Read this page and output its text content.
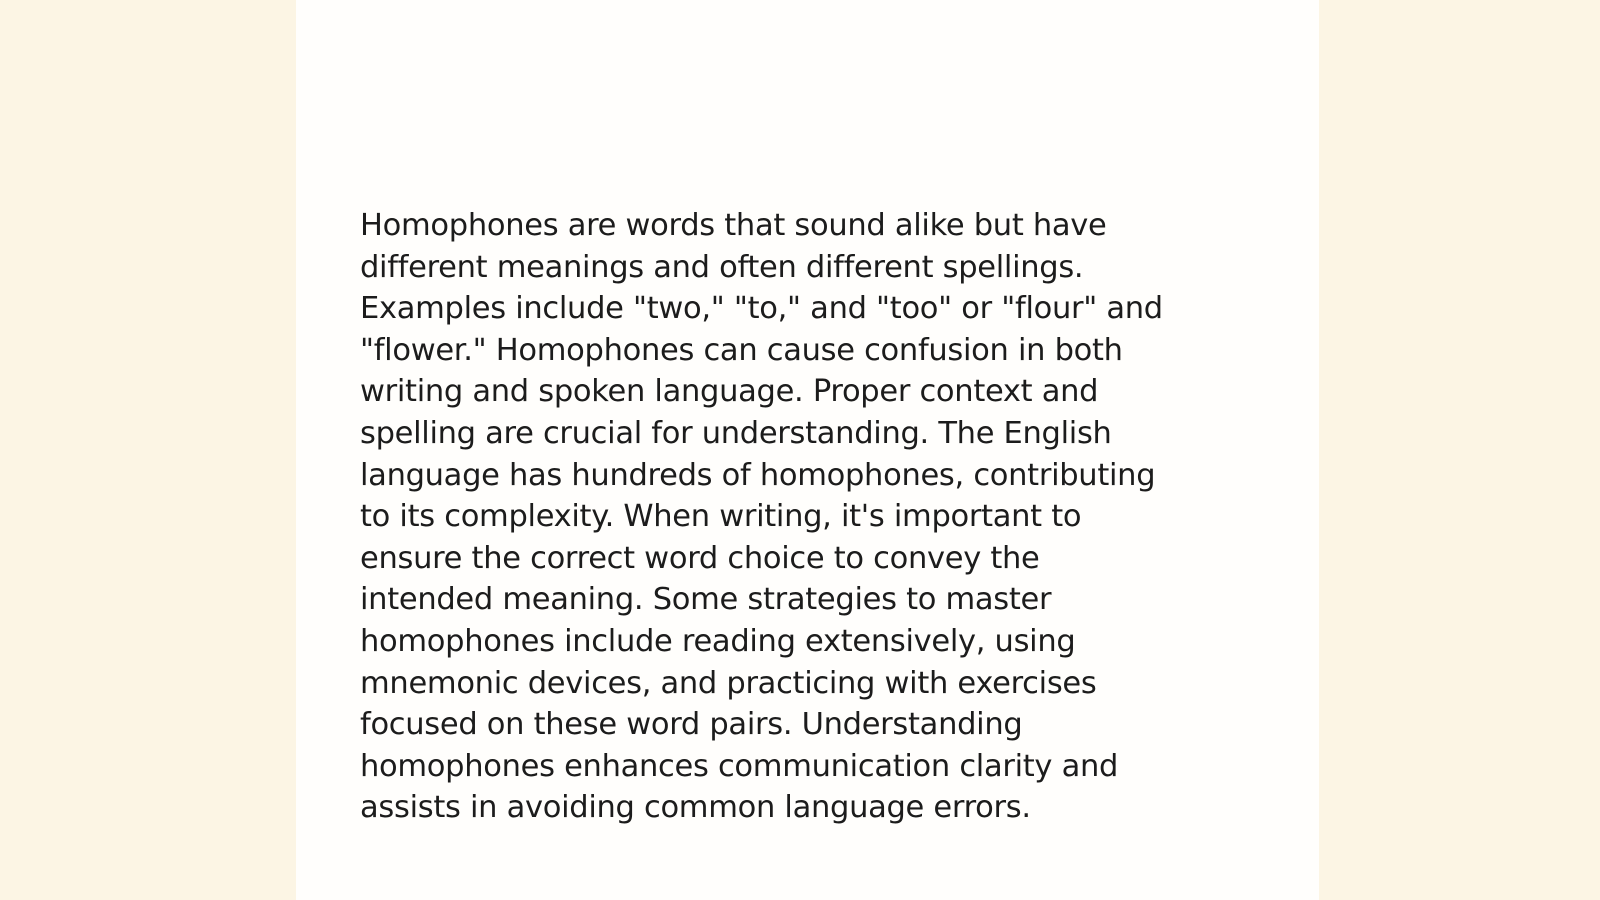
Homophones are words that sound alike but have
different meanings and often different spellings.
Examples include "two," "to," and "too" or "flour" and
"flower." Homophones can cause confusion in both
writing and spoken language. Proper context and
spelling are crucial for understanding. The English
language has hundreds of homophones, contributing
to its complexity. When writing, it's important to
ensure the correct word choice to convey the
intended meaning. Some strategies to master
homophones include reading extensively, using
mnemonic devices, and practicing with exercises
focused on these word pairs. Understanding
homophones enhances communication clarity and
assists in avoiding common language errors.
